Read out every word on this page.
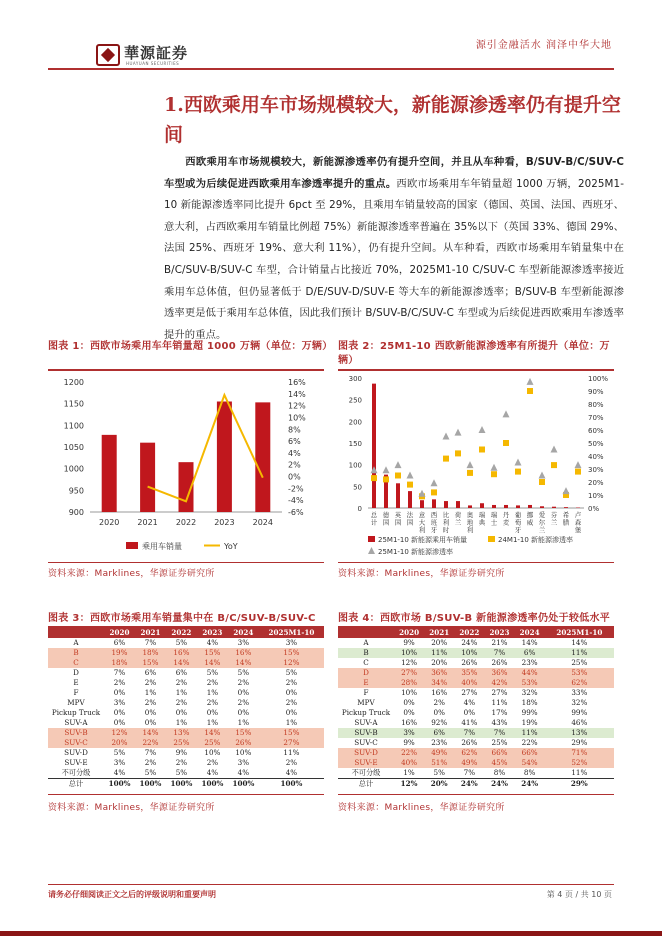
華源証券
HUAYUAN SECURITIES
源引金融活水 润泽中华大地
1.西欧乘用车市场规模较大，新能源渗透率仍有提升空间
西欧乘用车市场规模较大，新能源渗透率仍有提升空间，并且从车种看，B/SUV-B/C/SUV-C 车型或为后续促进西欧乘用车渗透率提升的重点。西欧市场乘用车年销量超 1000 万辆，2025M1-10 新能源渗透率同比提升 6pct 至 29%，且乘用车销量较高的国家（德国、英国、法国、西班牙、意大利，占西欧乘用车销量比例超 75%）新能源渗透率普遍在 35%以下（英国 33%、德国 29%、法国 25%、西班牙 19%、意大利 11%），仍有提升空间。从车种看，西欧市场乘用车销量集中在 B/C/SUV-B/SUV-C 车型，合计销量占比接近 70%，2025M1-10 C/SUV-C 车型新能源渗透率接近乘用车总体值，但仍显著低于 D/E/SUV-D/SUV-E 等大车的新能源渗透率；B/SUV-B 车型新能源渗透率更是低于乘用车总体值，因此我们预计 B/SUV-B/C/SUV-C 车型或为后续促进西欧乘用车渗透率提升的重点。
图表 1：西欧市场乘用车年销量超 1000 万辆（单位：万辆）
900
950
1000
1050
1100
1150
1200
-6%
-4%
-2%
0%
2%
4%
6%
8%
10%
12%
14%
16%
2020 2021 2022 2023 2024
乘用车销量	YoY
资料来源：Marklines，华源证券研究所
图表 2：25M1-10 西欧新能源渗透率有所提升（单位：万辆）
0
50
100
150
200
250
300
0%
10%
20%
30%
40%
50%
60%
70%
80%
90%
100%
总
计
德
国
英
国
法
国
意
大
利
西
班
牙
比
利
时
荷
兰
奥
地
利
瑞
典
瑞
士
丹
麦
葡
萄
牙
挪
威
爱
尔
兰
芬
兰
希
腊
卢
森
堡
25M1-10 新能源乘用车销量	24M1-10 新能源渗透率
25M1-10 新能源渗透率
资料来源：Marklines，华源证券研究所
图表 3：西欧市场乘用车销量集中在 B/C/SUV-B/SUV-C
	2020	2021	2022	2023	2024	2025M1-10
A	6%	7%	5%	4%	3%	3%
B	19%	18%	16%	15%	16%	15%
C	18%	15%	14%	14%	14%	12%
D	7%	6%	6%	5%	5%	5%
E	2%	2%	2%	2%	2%	2%
F	0%	1%	1%	1%	0%	0%
MPV	3%	2%	2%	2%	2%	2%
Pickup Truck	0%	0%	0%	0%	0%	0%
SUV-A	0%	0%	1%	1%	1%	1%
SUV-B	12%	14%	13%	14%	15%	15%
SUV-C	20%	22%	25%	25%	26%	27%
SUV-D	5%	7%	9%	10%	10%	11%
SUV-E	3%	2%	2%	2%	3%	2%
不可分级	4%	5%	5%	4%	4%	4%
总计	100%	100%	100%	100%	100%	100%
资料来源：Marklines，华源证券研究所
图表 4：西欧市场 B/SUV-B 新能源渗透率仍处于较低水平
	2020	2021	2022	2023	2024	2025M1-10
A	9%	20%	24%	21%	14%	14%
B	10%	11%	10%	7%	6%	11%
C	12%	20%	26%	26%	23%	25%
D	27%	36%	35%	36%	44%	53%
E	28%	34%	40%	42%	53%	62%
F	10%	16%	27%	27%	32%	33%
MPV	0%	2%	4%	11%	18%	32%
Pickup Truck	0%	0%	0%	17%	99%	99%
SUV-A	16%	92%	41%	43%	19%	46%
SUV-B	3%	6%	7%	7%	11%	13%
SUV-C	9%	23%	26%	25%	22%	29%
SUV-D	22%	49%	62%	66%	66%	71%
SUV-E	40%	51%	49%	45%	54%	52%
不可分级	1%	5%	7%	8%	8%	11%
总计	12%	20%	24%	24%	24%	29%
资料来源：Marklines，华源证券研究所
请务必仔细阅读正文之后的评级说明和重要声明	第 4 页 / 共 10 页
